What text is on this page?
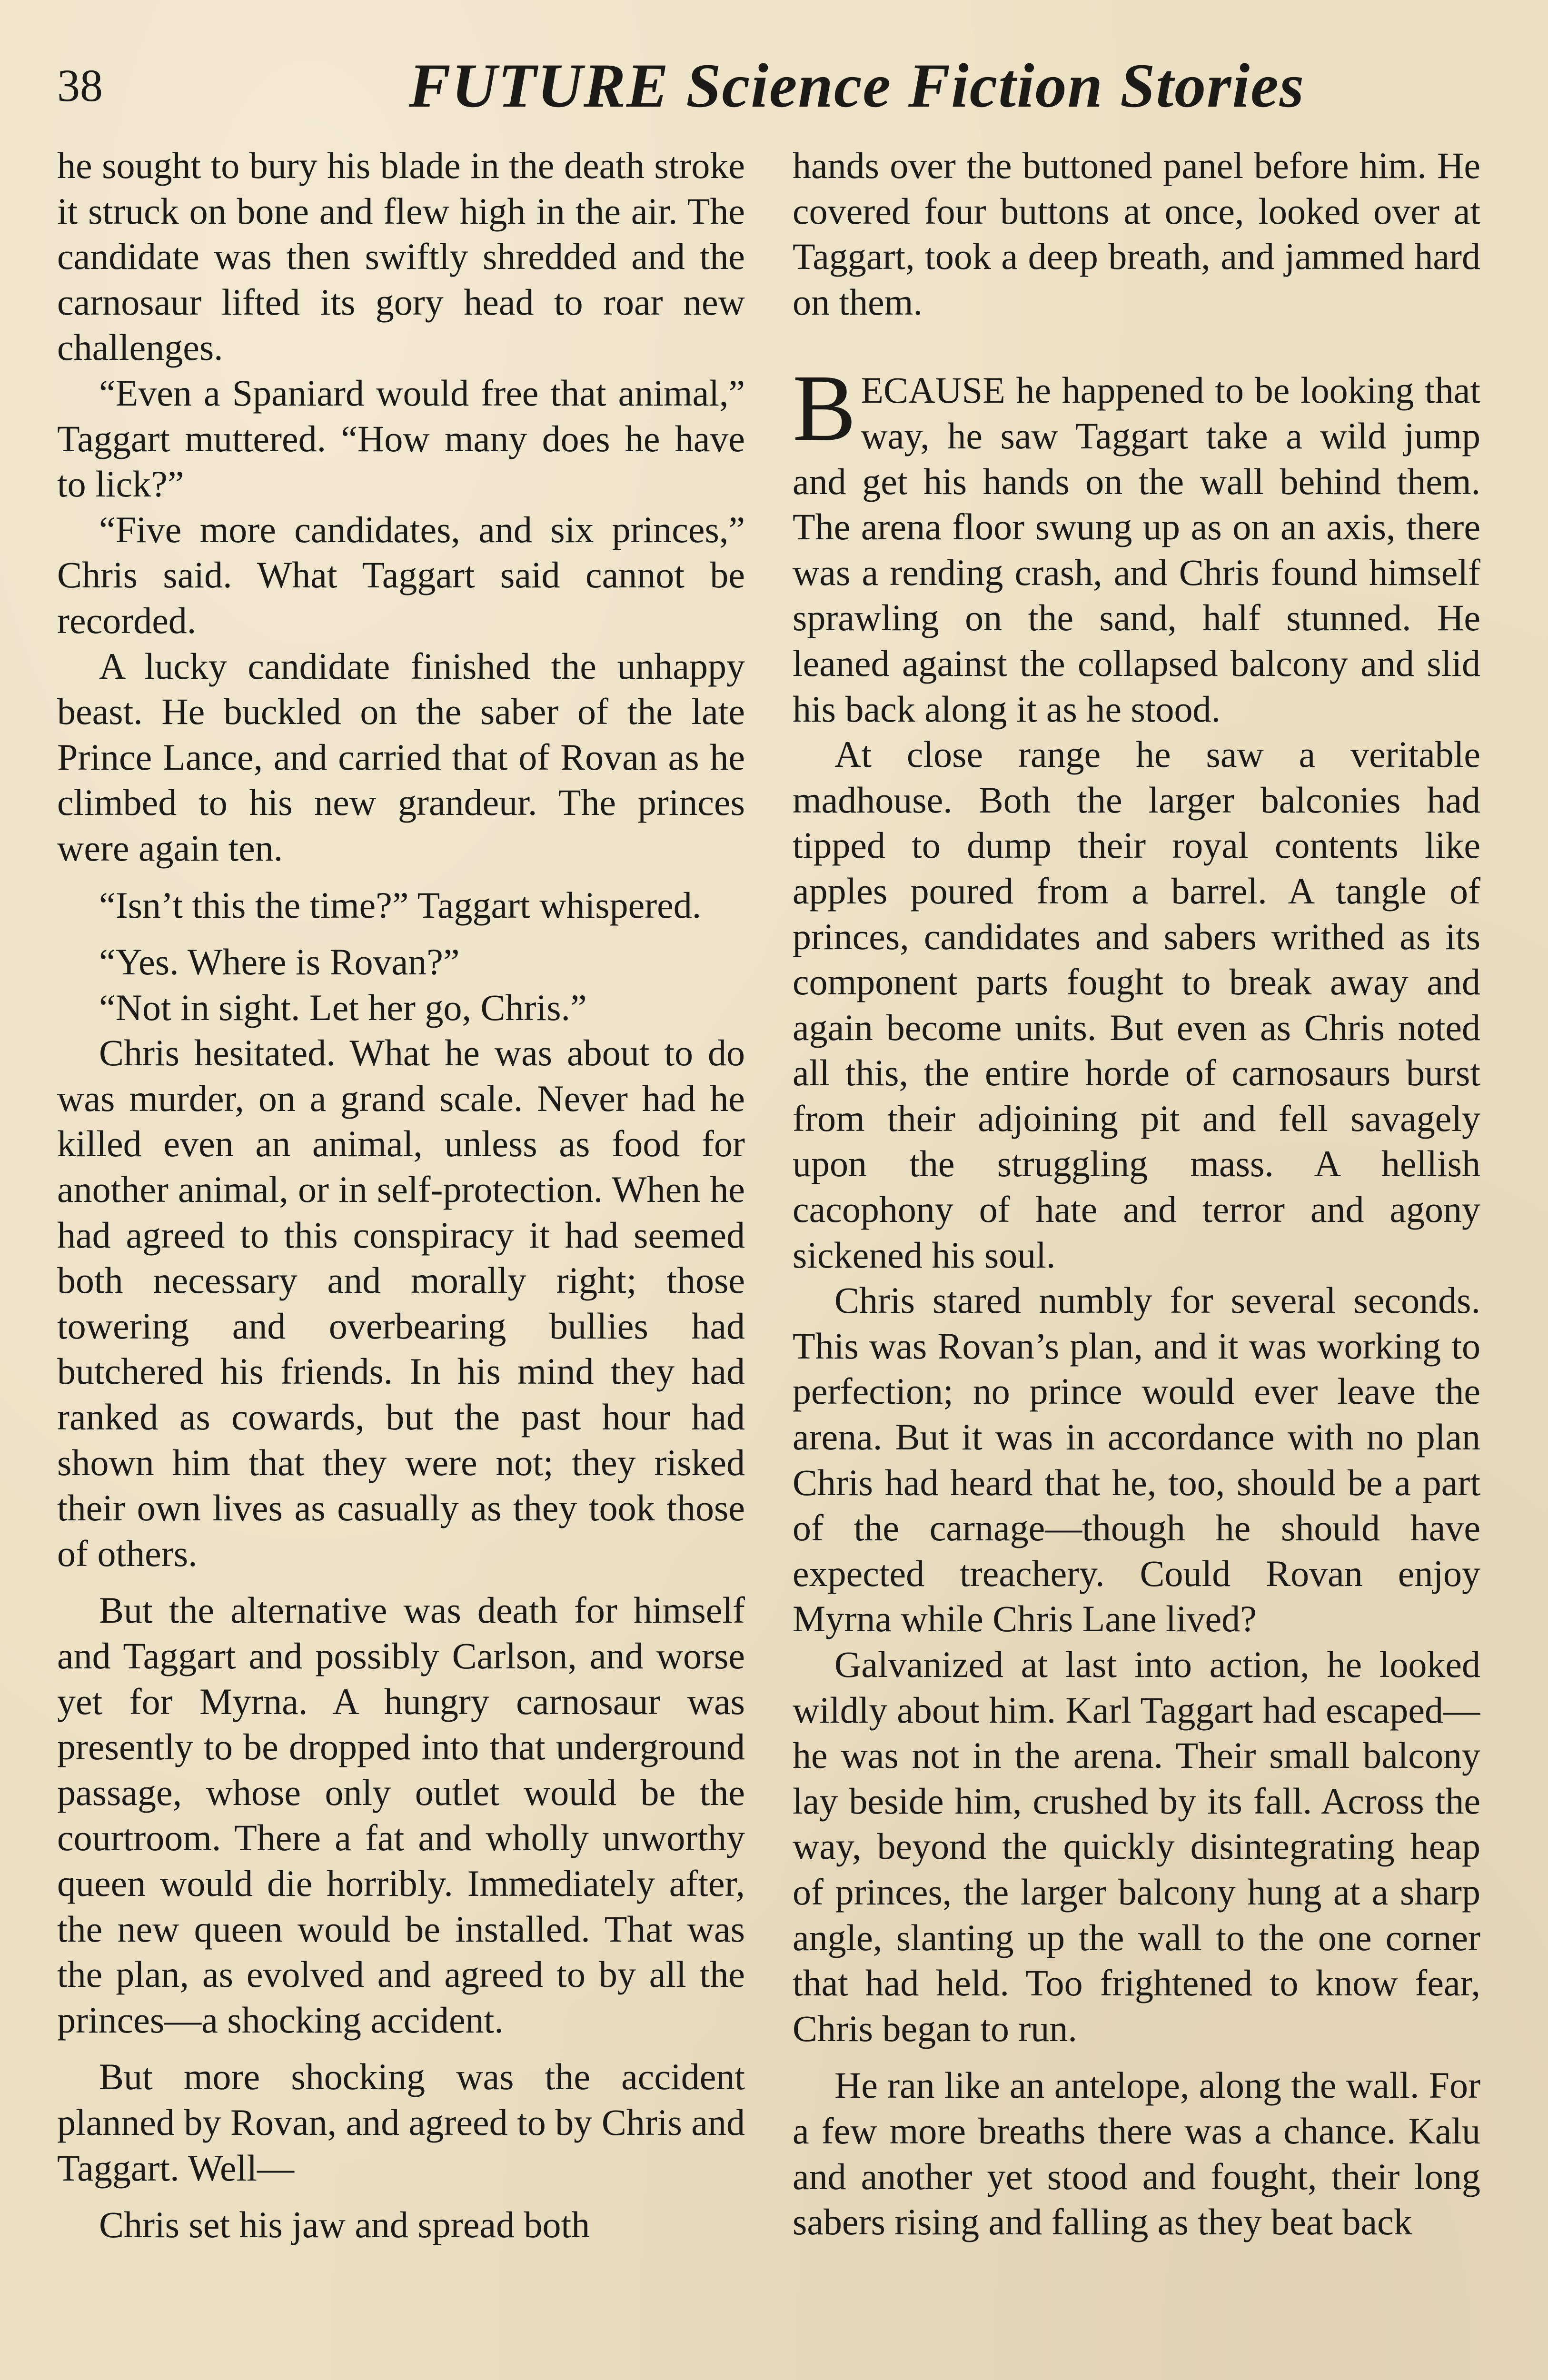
38	FUTURE Science Fiction Stories

he sought to bury his blade in the death stroke it struck on bone and flew high in the air. The candidate was then swiftly shredded and the carnosaur lifted its gory head to roar new challenges.

“Even a Spaniard would free that animal,” Taggart muttered. “How many does he have to lick?”

“Five more candidates, and six princes,” Chris said. What Taggart said cannot be recorded.

A lucky candidate finished the unhappy beast. He buckled on the saber of the late Prince Lance, and carried that of Rovan as he climbed to his new grandeur. The princes were again ten.

“Isn’t this the time?” Taggart whispered.

“Yes. Where is Rovan?”

“Not in sight. Let her go, Chris.”

Chris hesitated. What he was about to do was murder, on a grand scale. Never had he killed even an animal, unless as food for another animal, or in self-protection. When he had agreed to this conspiracy it had seemed both necessary and morally right; those towering and overbearing bullies had butchered his friends. In his mind they had ranked as cowards, but the past hour had shown him that they were not; they risked their own lives as casually as they took those of others.

But the alternative was death for himself and Taggart and possibly Carlson, and worse yet for Myrna. A hungry carnosaur was presently to be dropped into that underground passage, whose only outlet would be the courtroom. There a fat and wholly unworthy queen would die horribly. Immediately after, the new queen would be installed. That was the plan, as evolved and agreed to by all the princes—a shocking accident.

But more shocking was the accident planned by Rovan, and agreed to by Chris and Taggart. Well—

Chris set his jaw and spread both

hands over the buttoned panel before him. He covered four buttons at once, looked over at Taggart, took a deep breath, and jammed hard on them.

BECAUSE he happened to be looking that way, he saw Taggart take a wild jump and get his hands on the wall behind them. The arena floor swung up as on an axis, there was a rending crash, and Chris found himself sprawling on the sand, half stunned. He leaned against the collapsed balcony and slid his back along it as he stood.

At close range he saw a veritable madhouse. Both the larger balconies had tipped to dump their royal contents like apples poured from a barrel. A tangle of princes, candidates and sabers writhed as its component parts fought to break away and again become units. But even as Chris noted all this, the entire horde of carnosaurs burst from their adjoining pit and fell savagely upon the struggling mass. A hellish cacophony of hate and terror and agony sickened his soul.

Chris stared numbly for several seconds. This was Rovan’s plan, and it was working to perfection; no prince would ever leave the arena. But it was in accordance with no plan Chris had heard that he, too, should be a part of the carnage—though he should have expected treachery. Could Rovan enjoy Myrna while Chris Lane lived?

Galvanized at last into action, he looked wildly about him. Karl Taggart had escaped—he was not in the arena. Their small balcony lay beside him, crushed by its fall. Across the way, beyond the quickly disintegrating heap of princes, the larger balcony hung at a sharp angle, slanting up the wall to the one corner that had held. Too frightened to know fear, Chris began to run.

He ran like an antelope, along the wall. For a few more breaths there was a chance. Kalu and another yet stood and fought, their long sabers rising and falling as they beat back
